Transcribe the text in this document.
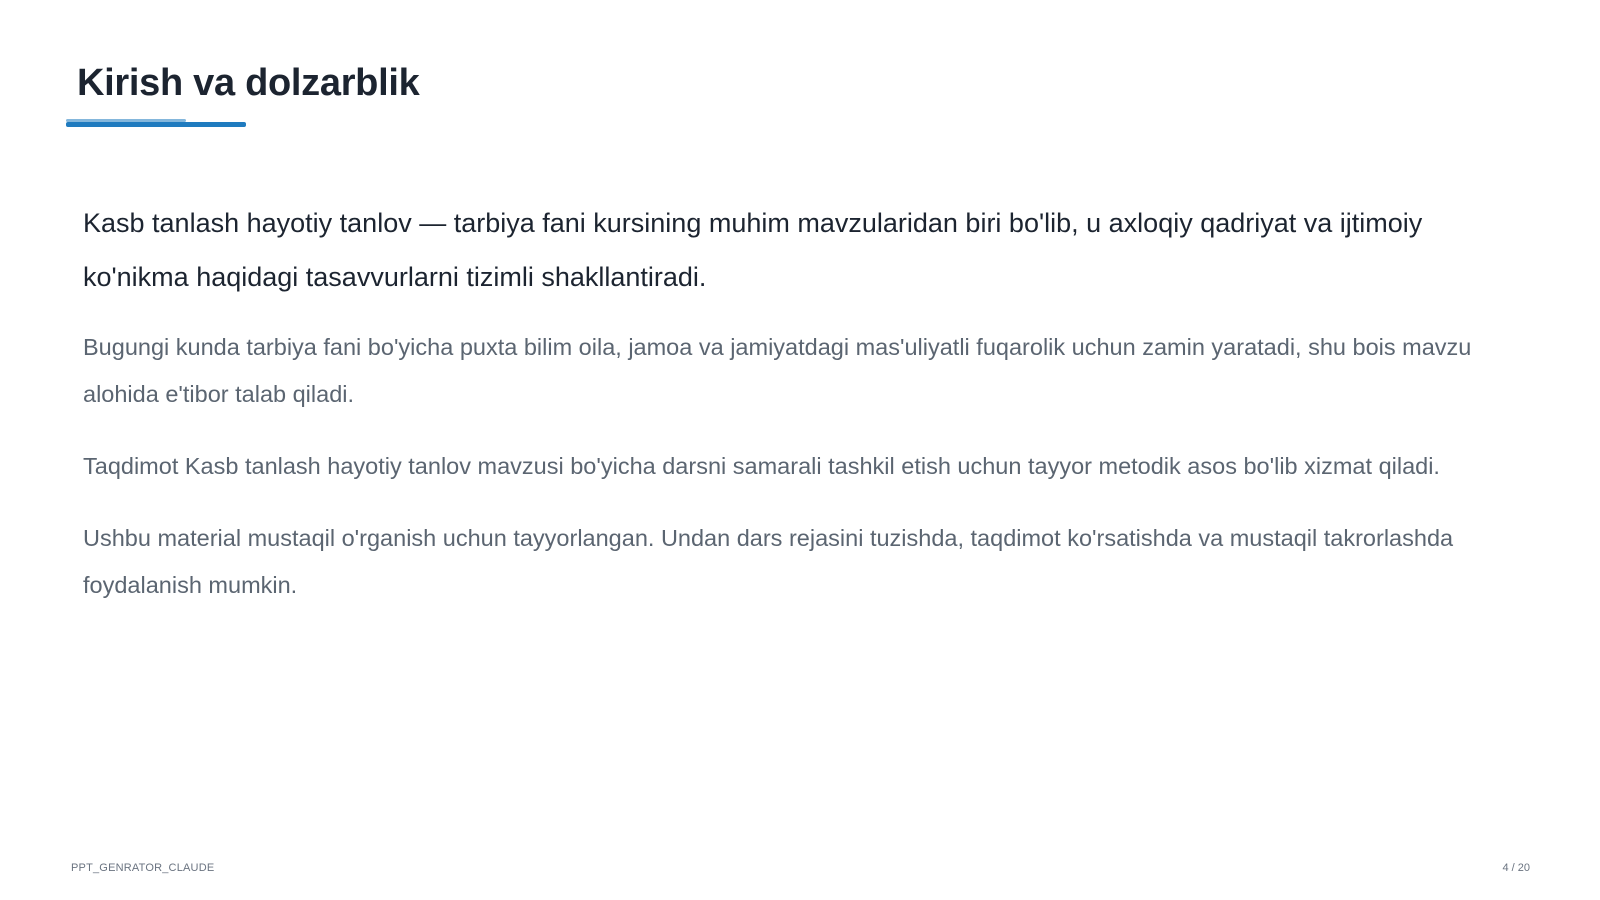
Kirish va dolzarblik

Kasb tanlash hayotiy tanlov — tarbiya fani kursining muhim mavzularidan biri bo'lib, u axloqiy qadriyat va ijtimoiy ko'nikma haqidagi tasavvurlarni tizimli shakllantiradi.

Bugungi kunda tarbiya fani bo'yicha puxta bilim oila, jamoa va jamiyatdagi mas'uliyatli fuqarolik uchun zamin yaratadi, shu bois mavzu alohida e'tibor talab qiladi.

Taqdimot Kasb tanlash hayotiy tanlov mavzusi bo'yicha darsni samarali tashkil etish uchun tayyor metodik asos bo'lib xizmat qiladi.

Ushbu material mustaqil o'rganish uchun tayyorlangan. Undan dars rejasini tuzishda, taqdimot ko'rsatishda va mustaqil takrorlashda foydalanish mumkin.

PPT_GENRATOR_CLAUDE	4 / 20
